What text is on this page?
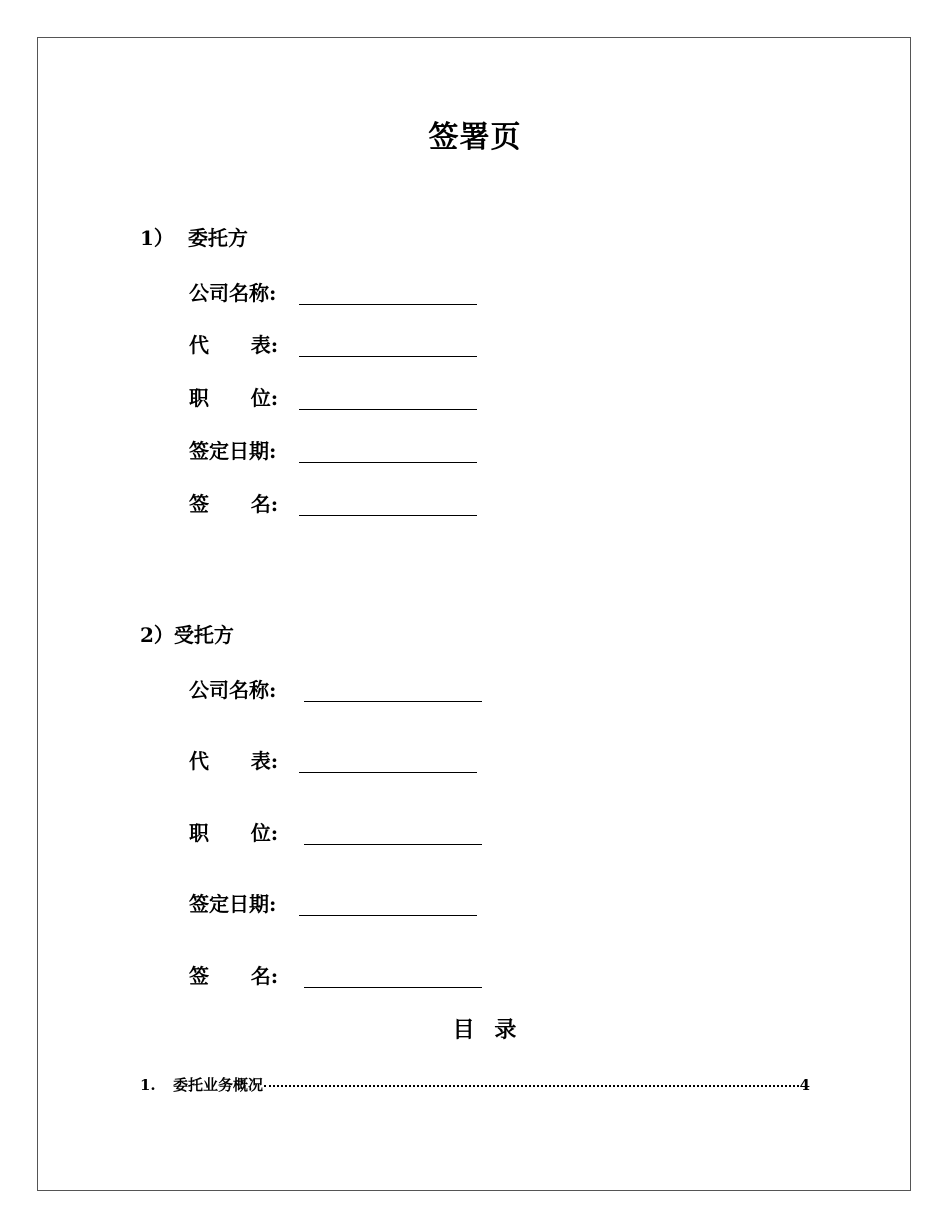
签署页
1）  委托方
公司名称:
代      表:
职      位:
签定日期:
签      名:
2）受托方
公司名称:
代      表:
职      位:
签定日期:
签      名:
目 录
1.	委托业务概况	4
